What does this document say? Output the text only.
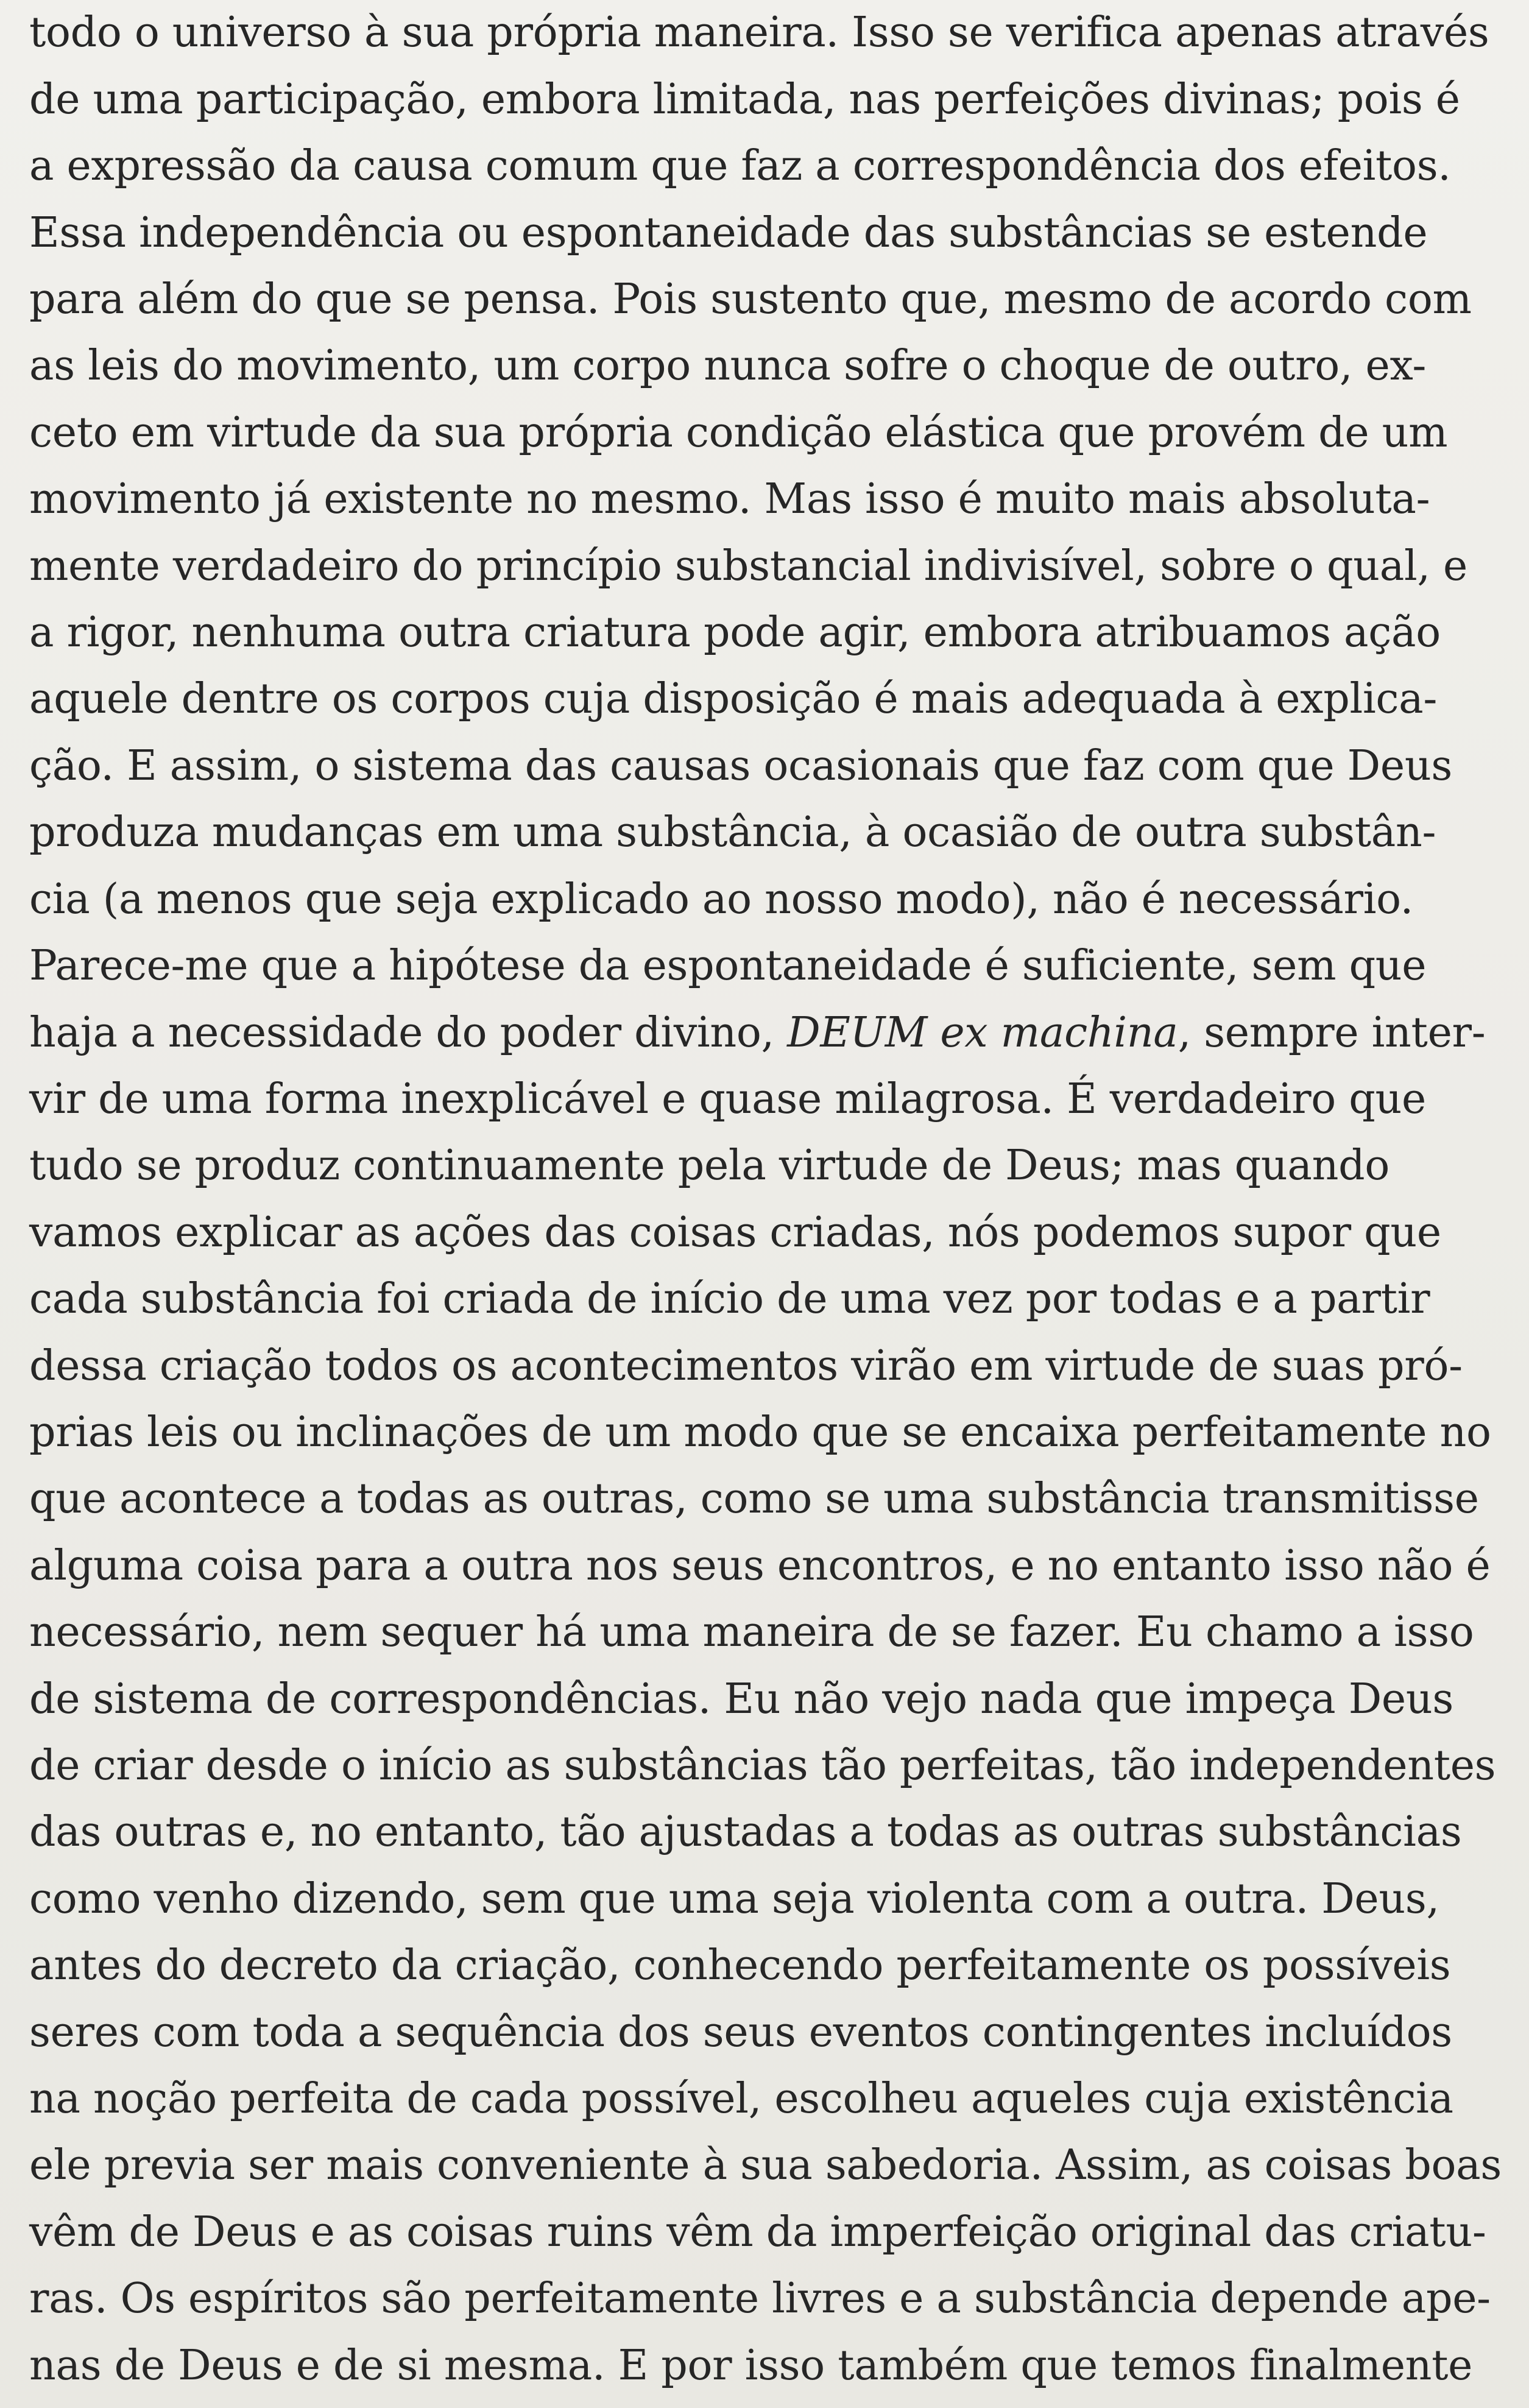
todo o universo à sua própria maneira. Isso se verifica apenas através
de uma participação, embora limitada, nas perfeições divinas; pois é
a expressão da causa comum que faz a correspondência dos efeitos.
Essa independência ou espontaneidade das substâncias se estende
para além do que se pensa. Pois sustento que, mesmo de acordo com
as leis do movimento, um corpo nunca sofre o choque de outro, ex-
ceto em virtude da sua própria condição elástica que provém de um
movimento já existente no mesmo. Mas isso é muito mais absoluta-
mente verdadeiro do princípio substancial indivisível, sobre o qual, e
a rigor, nenhuma outra criatura pode agir, embora atribuamos ação
aquele dentre os corpos cuja disposição é mais adequada à explica-
ção. E assim, o sistema das causas ocasionais que faz com que Deus
produza mudanças em uma substância, à ocasião de outra substân-
cia (a menos que seja explicado ao nosso modo), não é necessário.
Parece-me que a hipótese da espontaneidade é suficiente, sem que
haja a necessidade do poder divino, DEUM ex machina, sempre inter-
vir de uma forma inexplicável e quase milagrosa. É verdadeiro que
tudo se produz continuamente pela virtude de Deus; mas quando
vamos explicar as ações das coisas criadas, nós podemos supor que
cada substância foi criada de início de uma vez por todas e a partir
dessa criação todos os acontecimentos virão em virtude de suas pró-
prias leis ou inclinações de um modo que se encaixa perfeitamente no
que acontece a todas as outras, como se uma substância transmitisse
alguma coisa para a outra nos seus encontros, e no entanto isso não é
necessário, nem sequer há uma maneira de se fazer. Eu chamo a isso
de sistema de correspondências. Eu não vejo nada que impeça Deus
de criar desde o início as substâncias tão perfeitas, tão independentes
das outras e, no entanto, tão ajustadas a todas as outras substâncias
como venho dizendo, sem que uma seja violenta com a outra. Deus,
antes do decreto da criação, conhecendo perfeitamente os possíveis
seres com toda a sequência dos seus eventos contingentes incluídos
na noção perfeita de cada possível, escolheu aqueles cuja existência
ele previa ser mais conveniente à sua sabedoria. Assim, as coisas boas
vêm de Deus e as coisas ruins vêm da imperfeição original das criatu-
ras. Os espíritos são perfeitamente livres e a substância depende ape-
nas de Deus e de si mesma. E por isso também que temos finalmente
